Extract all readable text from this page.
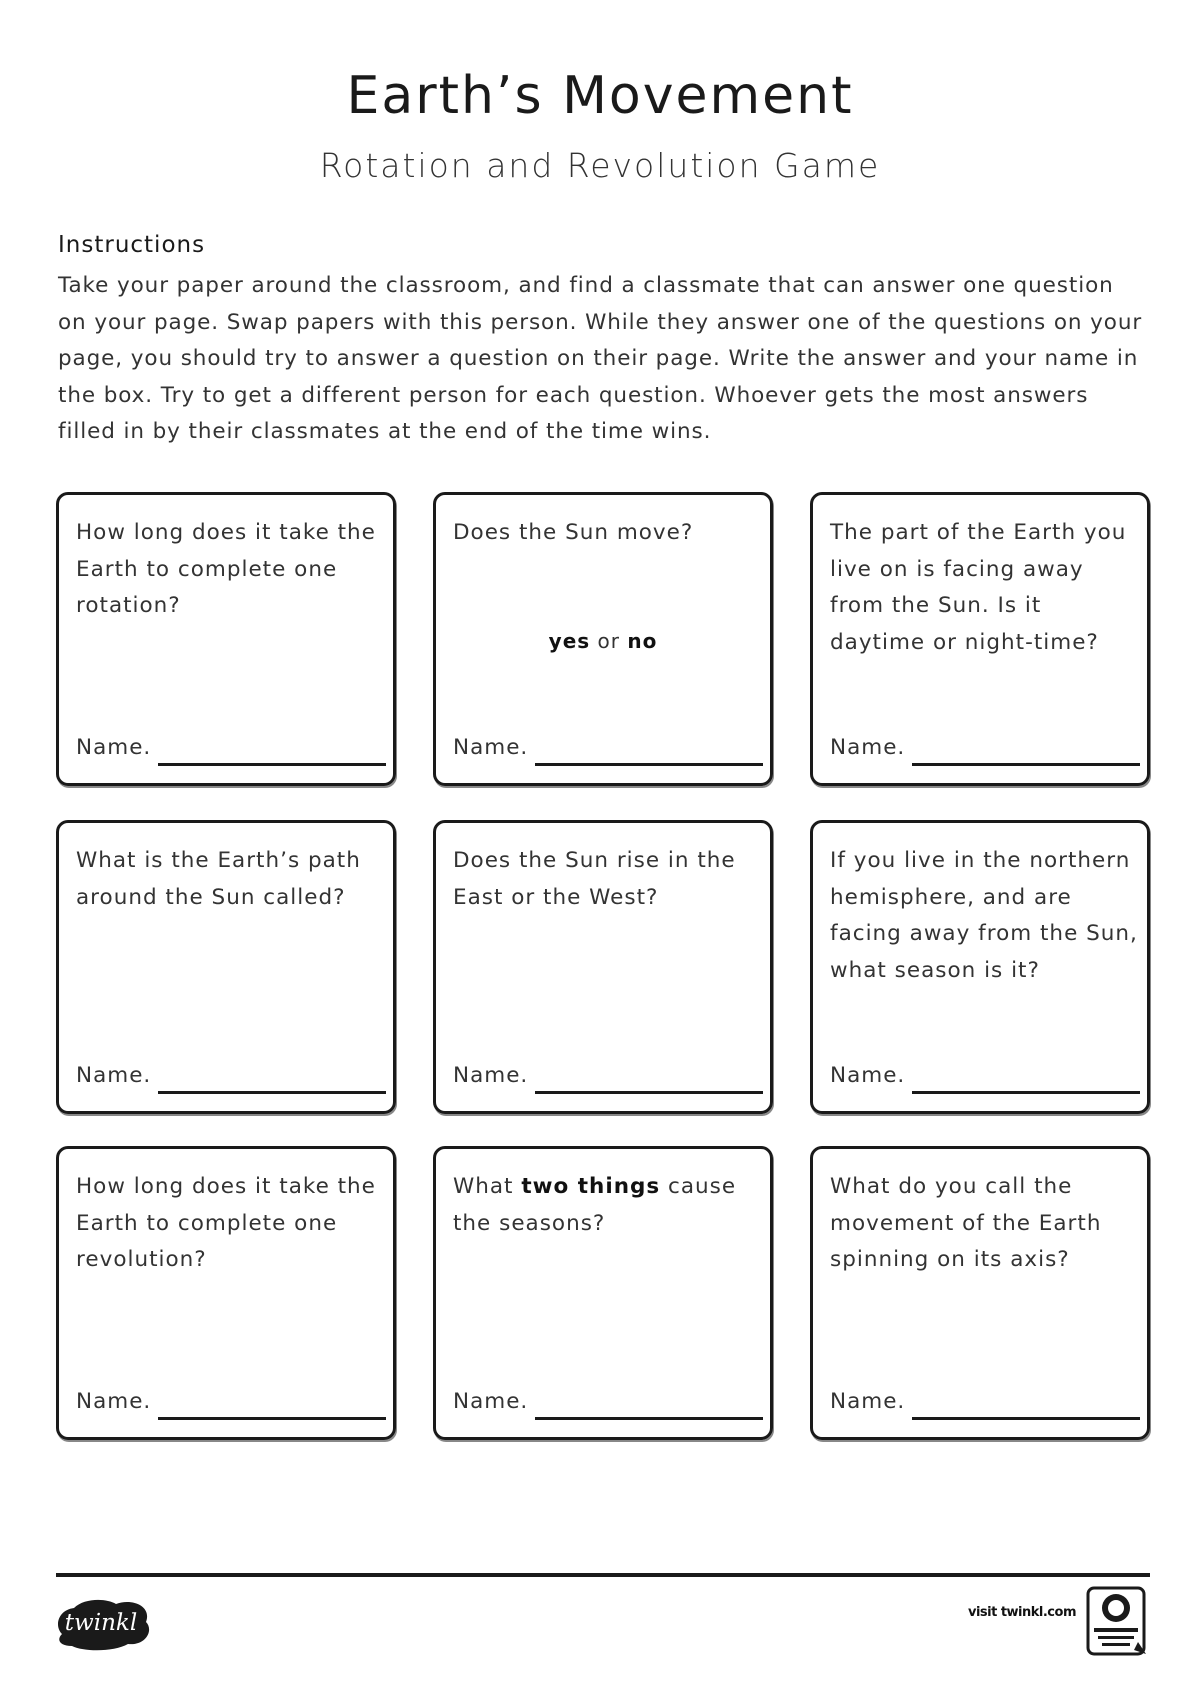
Earth’s Movement
Rotation and Revolution Game
Instructions
Take your paper around the classroom, and find a classmate that can answer one question on your page. Swap papers with this person. While they answer one of the questions on your page, you should try to answer a question on their page. Write the answer and your name in the box. Try to get a different person for each question. Whoever gets the most answers filled in by their classmates at the end of the time wins.
How long does it take the Earth to complete one rotation?
Name.
Does the Sun move?
yes or no
Name.
The part of the Earth you live on is facing away from the Sun. Is it daytime or night-time?
Name.
What is the Earth’s path around the Sun called?
Name.
Does the Sun rise in the East or the West?
Name.
If you live in the northern hemisphere, and are facing away from the Sun, what season is it?
Name.
How long does it take the Earth to complete one revolution?
Name.
What two things cause the seasons?
Name.
What do you call the movement of the Earth spinning on its axis?
Name.
twinkl	visit twinkl.com
